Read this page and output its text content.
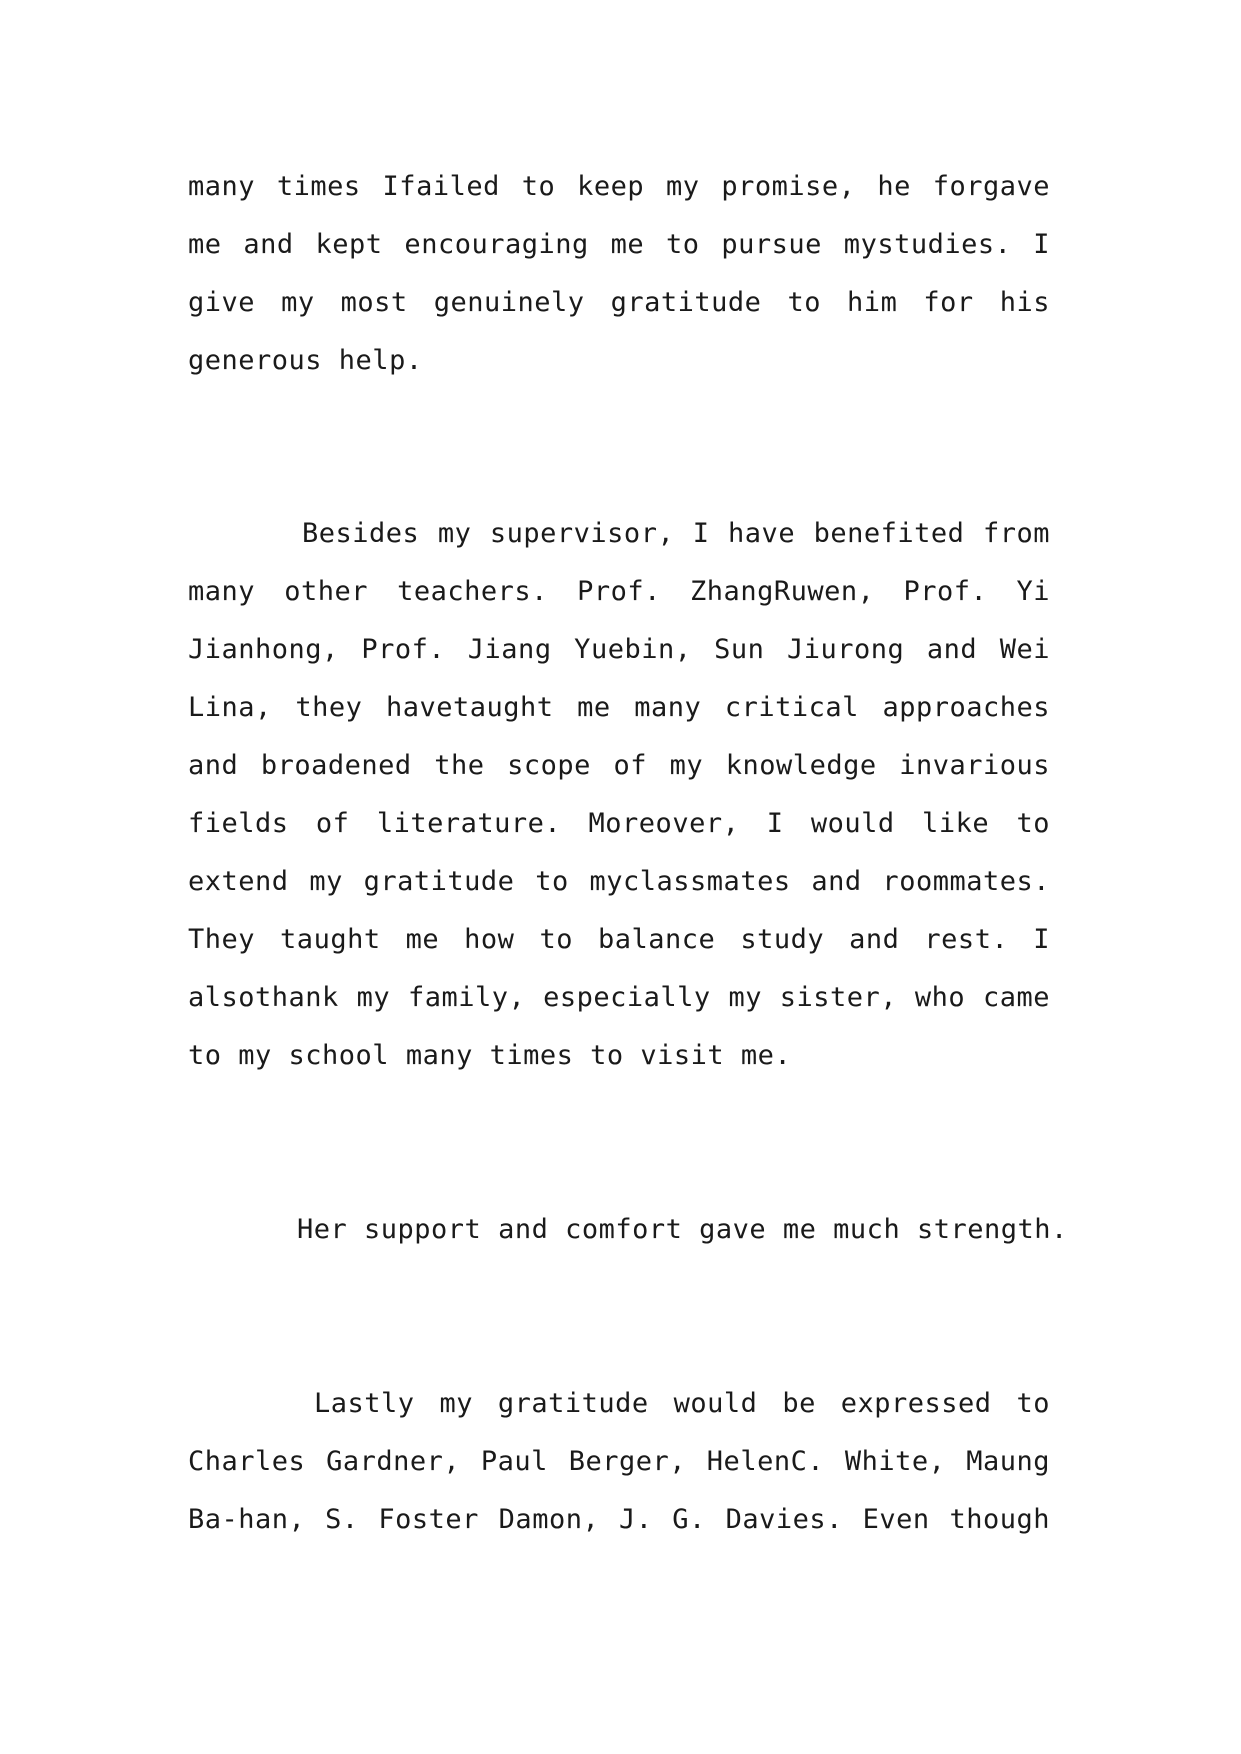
many times Ifailed to keep my promise, he forgave
me and kept encouraging me to pursue mystudies. I
give my most genuinely gratitude to him for his
generous help.
Besides my supervisor, I have benefited from
many other teachers. Prof. ZhangRuwen, Prof. Yi
Jianhong, Prof. Jiang Yuebin, Sun Jiurong and Wei
Lina, they havetaught me many critical approaches
and broadened the scope of my knowledge invarious
fields of literature. Moreover, I would like to
extend my gratitude to myclassmates and roommates.
They taught me how to balance study and rest. I
alsothank my family, especially my sister, who came
to my school many times to visit me.
Her support and comfort gave me much strength.
Lastly my gratitude would be expressed to
Charles Gardner, Paul Berger, HelenC. White, Maung
Ba-han, S. Foster Damon, J. G. Davies. Even though
